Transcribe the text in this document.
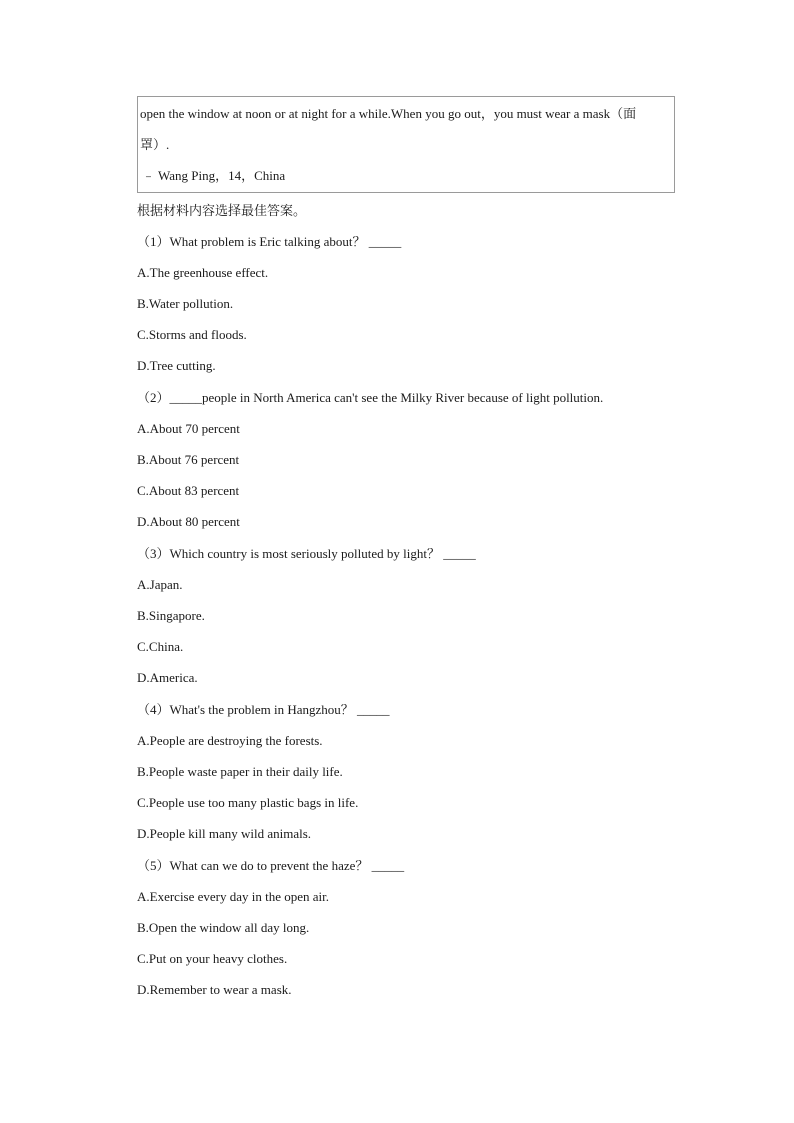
open the window at noon or at night for a while.When you go out，you must wear a mask（面
罩）.
﹣ Wang Ping，14，China
根据材料内容选择最佳答案。
（1）What problem is Eric talking about？ _____
A.The greenhouse effect.
B.Water pollution.
C.Storms and floods.
D.Tree cutting.
（2）_____people in North America can't see the Milky River because of light pollution.
A.About 70 percent
B.About 76 percent
C.About 83 percent
D.About 80 percent
（3）Which country is most seriously polluted by light？ _____
A.Japan.
B.Singapore.
C.China.
D.America.
（4）What's the problem in Hangzhou？ _____
A.People are destroying the forests.
B.People waste paper in their daily life.
C.People use too many plastic bags in life.
D.People kill many wild animals.
（5）What can we do to prevent the haze？ _____
A.Exercise every day in the open air.
B.Open the window all day long.
C.Put on your heavy clothes.
D.Remember to wear a mask.
